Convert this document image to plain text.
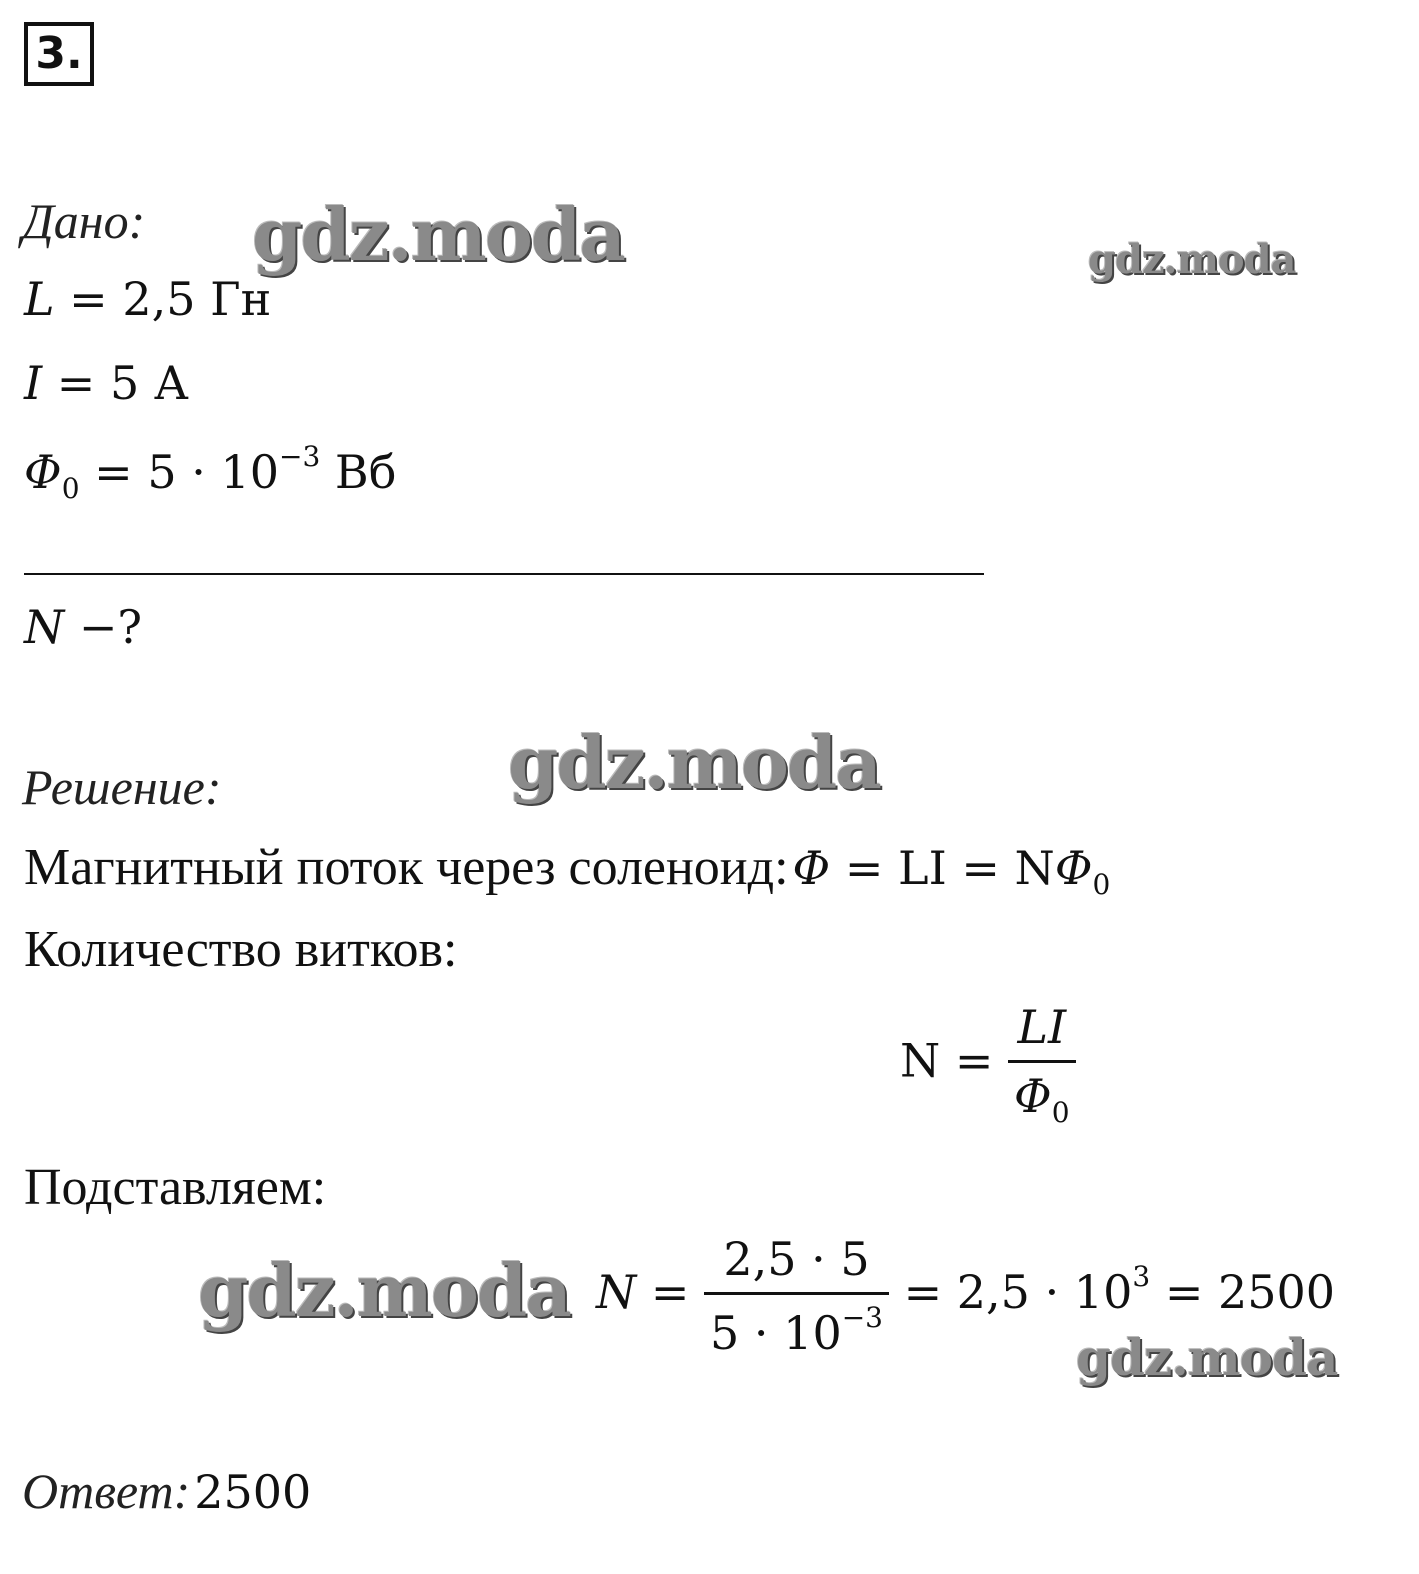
3.
Дано:
L = 2,5 Гн
I = 5 А
$\Phi_0 = 5 \cdot 10^{-3}$ Вб
N −?
Решение:
Магнитный поток через соленоид: Φ = LI = $N\Phi_0$
Количество витков:
$N = \frac{LI}{\Phi_0}$
Подставляем:
$N = \frac{2,5 \cdot 5}{5 \cdot 10^{-3}} = 2,5 \cdot 10^3 = 2500$
Ответ: 2500
gdz.moda	gdz.moda
gdz.moda
gdz.moda
gdz.moda
